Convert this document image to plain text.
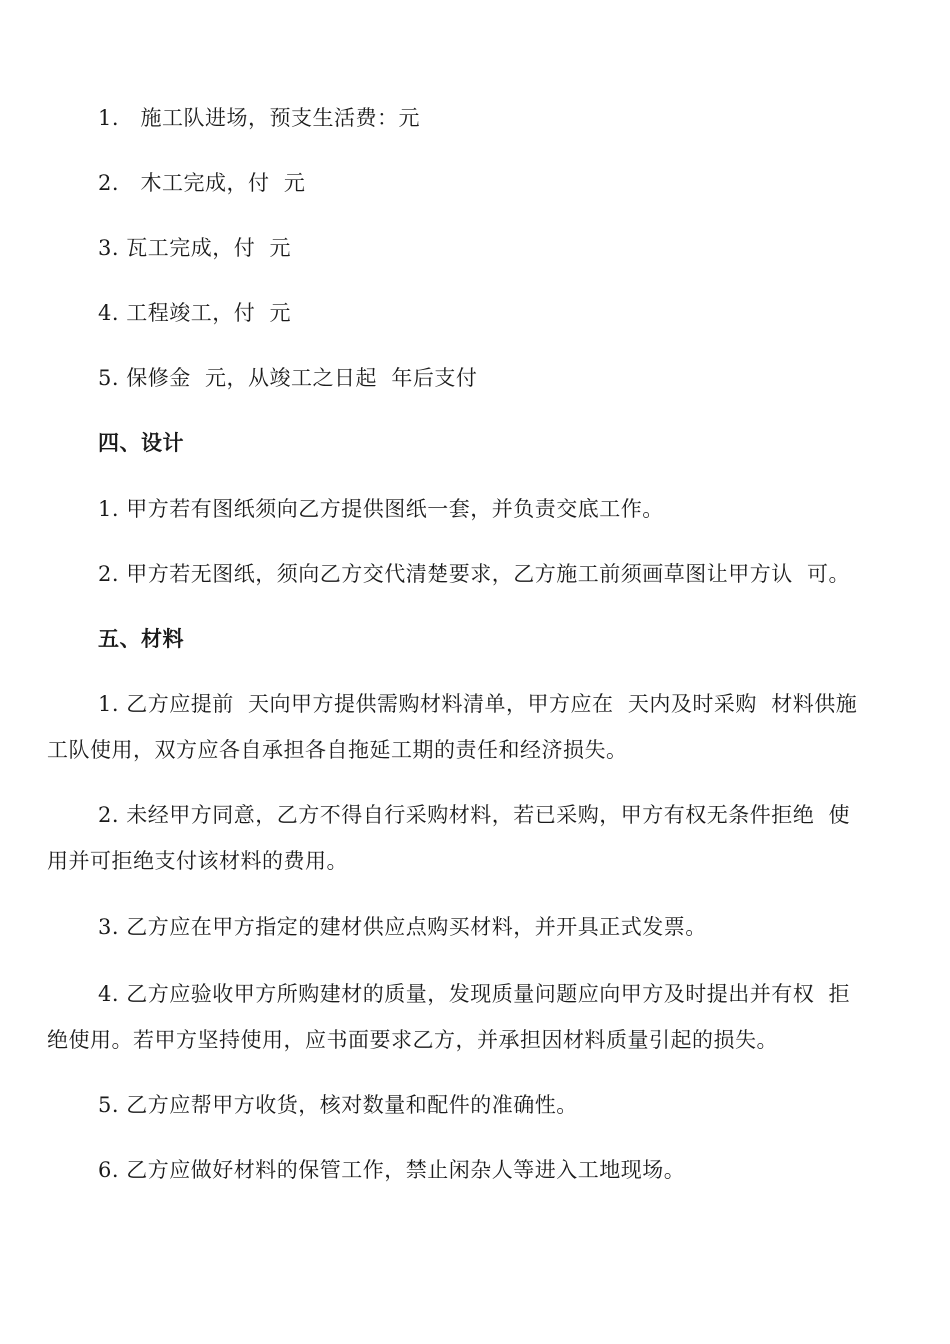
1.   施工队进场，预支生活费：元
2.   木工完成，付  元
3. 瓦工完成，付  元
4. 工程竣工，付  元
5. 保修金  元，从竣工之日起  年后支付
四、设计
1. 甲方若有图纸须向乙方提供图纸一套，并负责交底工作。
2. 甲方若无图纸，须向乙方交代清楚要求，乙方施工前须画草图让甲方认  可。
五、材料
1. 乙方应提前  天向甲方提供需购材料清单，甲方应在  天内及时采购  材料供施
工队使用，双方应各自承担各自拖延工期的责任和经济损失。
2. 未经甲方同意，乙方不得自行采购材料，若已采购，甲方有权无条件拒绝  使
用并可拒绝支付该材料的费用。
3. 乙方应在甲方指定的建材供应点购买材料，并开具正式发票。
4. 乙方应验收甲方所购建材的质量，发现质量问题应向甲方及时提出并有权  拒
绝使用。若甲方坚持使用，应书面要求乙方，并承担因材料质量引起的损失。
5. 乙方应帮甲方收货，核对数量和配件的准确性。
6. 乙方应做好材料的保管工作，禁止闲杂人等进入工地现场。
